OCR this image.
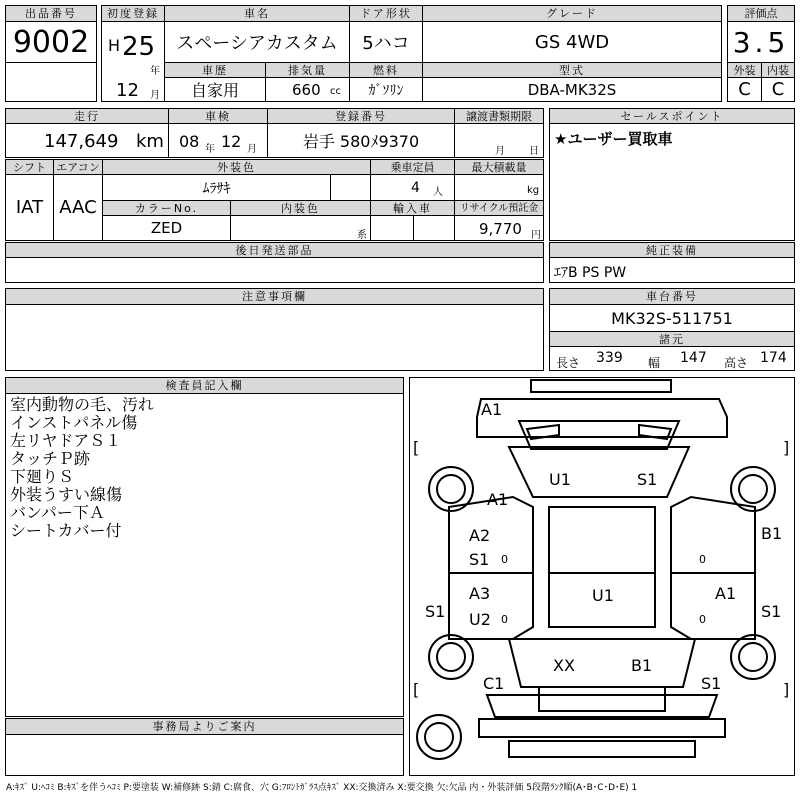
出品番号
9002
初度登録
H 25
年
12 月
車名
スペーシアカスタム
ドア形状
5ハコ
グレード
GS 4WD
評価点
3.5
車歴
自家用
排気量
660 cc
燃料
ｶﾞｿﾘﾝ
型式
DBA-MK32S
外装	内装
C	C
走行
147,649 km
車検
08 年 12 月
登録番号
岩手 580ﾒ9370
譲渡書類期限
月 日
セールスポイント
★ユーザー買取車
シフト
IAT
エアコン
AAC
外装色
ﾑﾗｻｷ
乗車定員
4 人
最大積載量
kg
カラーNo.
ZED
内装色
系
輸入車	リサイクル預託金
9,770 円
後日発送部品	純正装備
ｴｱB PS PW
注意事項欄	車台番号
MK32S-511751
諸元
長さ 339 幅 147 高さ 174
検査員記入欄
室内動物の毛、汚れ
インストパネル傷
左リヤドアＳ１
タッチＰ跡
下廻りＳ
外装うすい線傷
バンパー下Ａ
シートカバー付
事務局よりご案内
A1
U1	S1
A1
A2
S1
B1
A3
U2
U1	A1
S1	S1
XX	B1
C1	S1
0
0
0
0
[
[
]
]
A:ｷｽﾞ U:ﾍｺﾐ B:ｷｽﾞを伴うﾍｺﾐ P:要塗装 W:補修跡 S:錆 C:腐食、穴 G:ﾌﾛﾝﾄｶﾞﾗｽ点ｷｽﾞ XX:交換済み X:要交換 欠:欠品 内・外装評価 5段階ﾗﾝｸ順(A･B･C･D･E) 1
